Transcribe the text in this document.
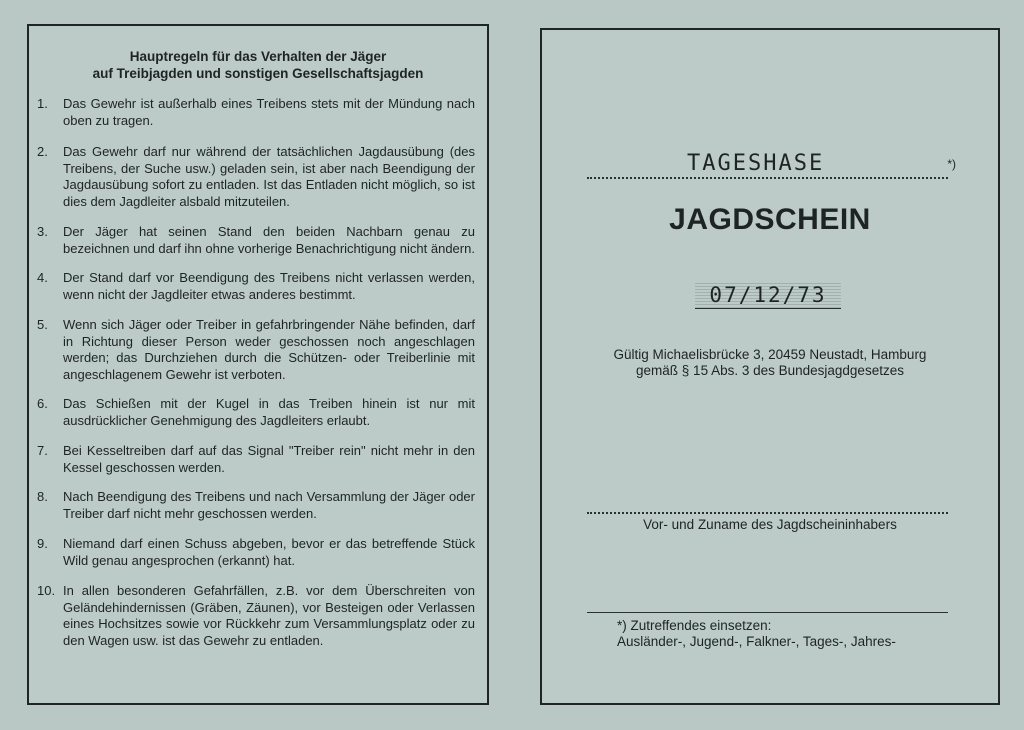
Hauptregeln für das Verhalten der Jäger
auf Treibjagden und sonstigen Gesellschaftsjagden
1. Das Gewehr ist außerhalb eines Treibens stets mit der Mündung nach oben zu tragen.
2. Das Gewehr darf nur während der tatsächlichen Jagdausübung (des Treibens, der Suche usw.) geladen sein, ist aber nach Beendigung der Jagdausübung sofort zu entladen. Ist das Entladen nicht möglich, so ist dies dem Jagdleiter alsbald mitzuteilen.
3. Der Jäger hat seinen Stand den beiden Nachbarn genau zu bezeichnen und darf ihn ohne vorherige Benachrichtigung nicht ändern.
4. Der Stand darf vor Beendigung des Treibens nicht verlassen werden, wenn nicht der Jagdleiter etwas anderes bestimmt.
5. Wenn sich Jäger oder Treiber in gefahrbringender Nähe befinden, darf in Richtung dieser Person weder geschossen noch angeschlagen werden; das Durchziehen durch die Schützen- oder Treiberlinie mit angeschlagenem Gewehr ist verboten.
6. Das Schießen mit der Kugel in das Treiben hinein ist nur mit ausdrücklicher Genehmigung des Jagdleiters erlaubt.
7. Bei Kesseltreiben darf auf das Signal "Treiber rein" nicht mehr in den Kessel geschossen werden.
8. Nach Beendigung des Treibens und nach Versammlung der Jäger oder Treiber darf nicht mehr geschossen werden.
9. Niemand darf einen Schuss abgeben, bevor er das betreffende Stück Wild genau angesprochen (erkannt) hat.
10. In allen besonderen Gefahrfällen, z.B. vor dem Überschreiten von Geländehindernissen (Gräben, Zäunen), vor Besteigen oder Verlassen eines Hochsitzes sowie vor Rückkehr zum Versammlungsplatz oder zu den Wagen usw. ist das Gewehr zu entladen.
TAGESHASE	*)
JAGDSCHEIN
07/12/73
Gültig Michaelisbrücke 3, 20459 Neustadt, Hamburg
gemäß § 15 Abs. 3 des Bundesjagdgesetzes
Vor- und Zuname des Jagdscheininhabers
*) Zutreffendes einsetzen:
Ausländer-, Jugend-, Falkner-, Tages-, Jahres-
